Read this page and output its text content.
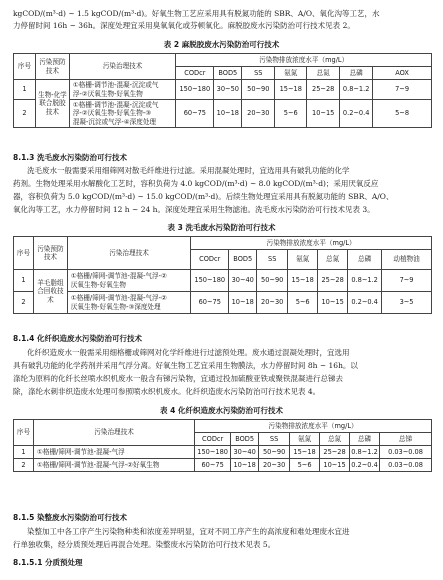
kgCOD/(m³·d) ~ 1.5 kgCOD/(m³·d)。好氧生物工艺应采用具有脱氮功能的 SBR、A/O、氧化沟等工艺，水
力停留时间 16h ~ 36h。深度处理宜采用臭氧氧化或芬顿氧化。麻脱胶废水污染防治可行技术见表 2。
表 2 麻脱胶废水污染防治可行技术
序号	污染预防技术	污染治理技术	污染物排放浓度水平（mg/L）						
			CODcr	BOD5	SS	氨氮	总氮	总磷	AOX
1	生物-化学联合脱胶技术	①格栅-调节池-混凝-沉淀或气
浮-②厌氧生物-好氧生物	150~180	30~50	50~90	15~18	25~28	0.8~1.2	7~9
2		①格栅-调节池-混凝-沉淀或气
浮-②厌氧生物-好氧生物-③
混凝-沉淀或气浮-④深度处理	60~75	10~18	20~30	5~6	10~15	0.2~0.4	5~8
8.1.3 洗毛废水污染防治可行技术
洗毛废水一般需要采用细筛网对散毛纤维进行过滤。采用混凝处理时，宜选用具有破乳功能的化学
药剂。生物处理采用水解酸化工艺时，容积负荷为 4.0 kgCOD/(m³·d) ~ 8.0 kgCOD/(m³·d)；采用厌氧反应
器，容积负荷为 5.0 kgCOD/(m³·d) ~ 15.0 kgCOD/(m³·d)。后续生物处理宜采用具有脱氮功能的 SBR、A/O、
氧化沟等工艺，水力停留时间 12 h ~ 24 h。深度处理宜采用生物滤池。洗毛废水污染防治可行技术见表 3。
表 3 洗毛废水污染防治可行技术
序号	污染预防技术	污染治理技术	污染物排放浓度水平（mg/L）						
			CODcr	BOD5	SS	氨氮	总氮	总磷	动植物油
1	羊毛脂组合回收技术	①格栅/筛网-调节池-混凝-气浮-②
厌氧生物-好氧生物	150~180	30~40	50~90	15~18	25~28	0.8~1.2	7~9
2		①格栅/筛网-调节池-混凝-气浮-②
厌氧生物-好氧生物-③深度处理	60~75	10~18	20~30	5~6	10~15	0.2~0.4	3~5
8.1.4 化纤织造废水污染防治可行技术
化纤织造废水一般需采用细格栅或筛网对化学纤维进行过滤预处理。废水通过混凝处理时，宜选用
具有破乳功能的化学药剂并采用气浮分离。好氧生物工艺宜采用生物膜法，水力停留时间 8h ~ 16h。以
涤纶为原料的化纤长丝喷水织机废水一般含有锑污染物，宜通过投加硫酸亚铁或聚铁混凝进行总锑去
除，涤纶水刺非织造废水处理可参照喷水织机废水。化纤织造废水污染防治可行技术见表 4。
表 4 化纤织造废水污染防治可行技术
序号	污染治理技术	污染物排放浓度水平（mg/L）						
		CODcr	BOD5	SS	氨氮	总氮	总磷	总锑
1	①格栅/筛网-调节池-混凝-气浮	150~180	30~40	50~90	15~18	25~28	0.8~1.2	0.03~0.08
2	①格栅/筛网-调节池-混凝-气浮-②好氧生物	60~75	10~18	20~30	5~6	10~15	0.2~0.4	0.03~0.08
8.1.5 染整废水污染防治可行技术
染整加工中各工序产生污染物种类和浓度差异明显，宜对不同工序产生的高浓度和难处理废水宜进
行单独收集，经分质预处理后再混合处理。染整废水污染防治可行技术见表 5。
8.1.5.1 分质预处理
